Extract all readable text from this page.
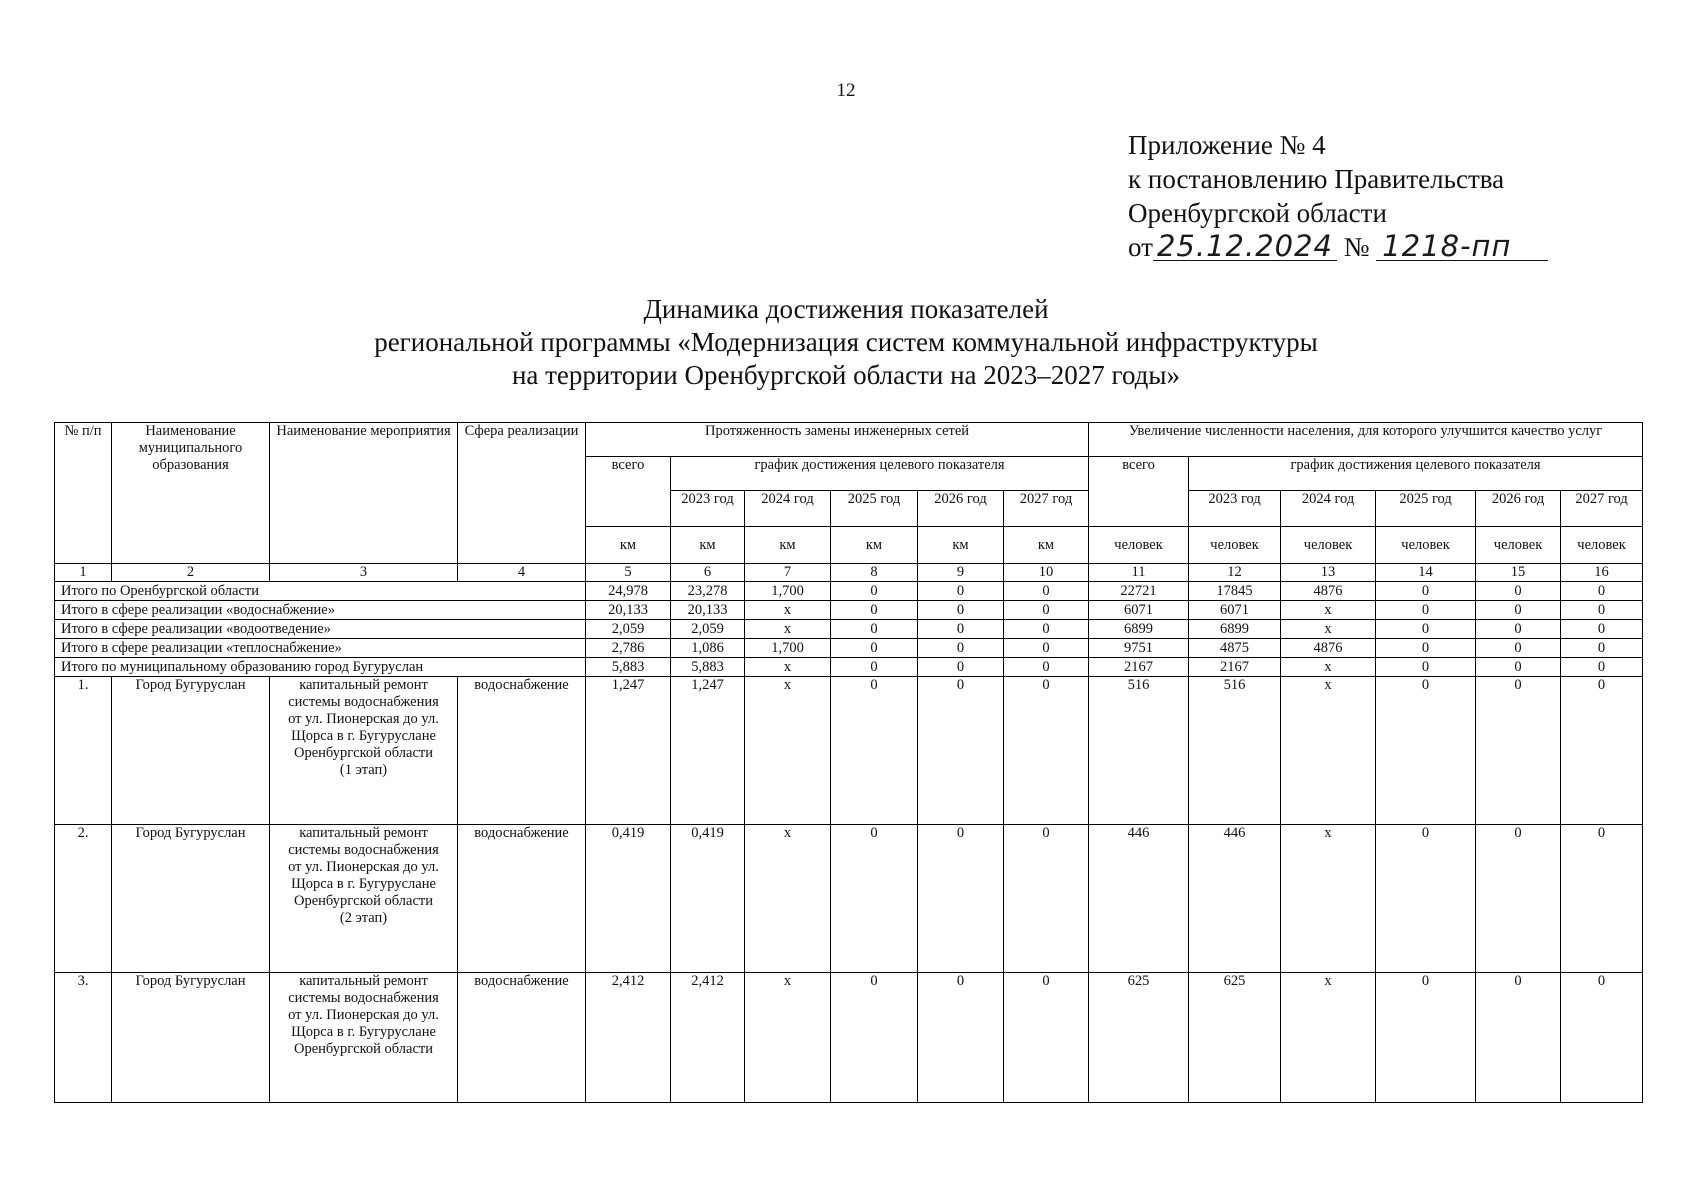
12
Приложение № 4
к постановлению Правительства
Оренбургской области
от 25.12.2024 № 1218-пп
Динамика достижения показателей
региональной программы «Модернизация систем коммунальной инфраструктуры
на территории Оренбургской области на 2023–2027 годы»
№ п/п	Наименование муниципального образования	Наименование мероприятия	Сфера реализации	Протяженность замены инженерных сетей						Увеличение численности населения, для которого улучшится качество услуг					
				всего	график достижения целевого показателя					всего	график достижения целевого показателя				
					2023 год	2024 год	2025 год	2026 год	2027 год		2023 год	2024 год	2025 год	2026 год	2027 год
				км	км	км	км	км	км	человек	человек	человек	человек	человек	человек
1	2	3	4	5	6	7	8	9	10	11	12	13	14	15	16
Итого по Оренбургской области				24,978	23,278	1,700	0	0	0	22721	17845	4876	0	0	0
Итого в сфере реализации «водоснабжение»				20,133	20,133	x	0	0	0	6071	6071	x	0	0	0
Итого в сфере реализации «водоотведение»				2,059	2,059	x	0	0	0	6899	6899	x	0	0	0
Итого в сфере реализации «теплоснабжение»				2,786	1,086	1,700	0	0	0	9751	4875	4876	0	0	0
Итого по муниципальному образованию город Бугуруслан				5,883	5,883	x	0	0	0	2167	2167	x	0	0	0
1.	Город Бугуруслан	капитальный ремонт системы водоснабжения от ул. Пионерская до ул. Щорса в г. Бугуруслане Оренбургской области (1 этап)	водоснабжение	1,247	1,247	x	0	0	0	516	516	x	0	0	0
2.	Город Бугуруслан	капитальный ремонт системы водоснабжения от ул. Пионерская до ул. Щорса в г. Бугуруслане Оренбургской области (2 этап)	водоснабжение	0,419	0,419	x	0	0	0	446	446	x	0	0	0
3.	Город Бугуруслан	капитальный ремонт системы водоснабжения от ул. Пионерская до ул. Щорса в г. Бугуруслане Оренбургской области	водоснабжение	2,412	2,412	x	0	0	0	625	625	x	0	0	0
